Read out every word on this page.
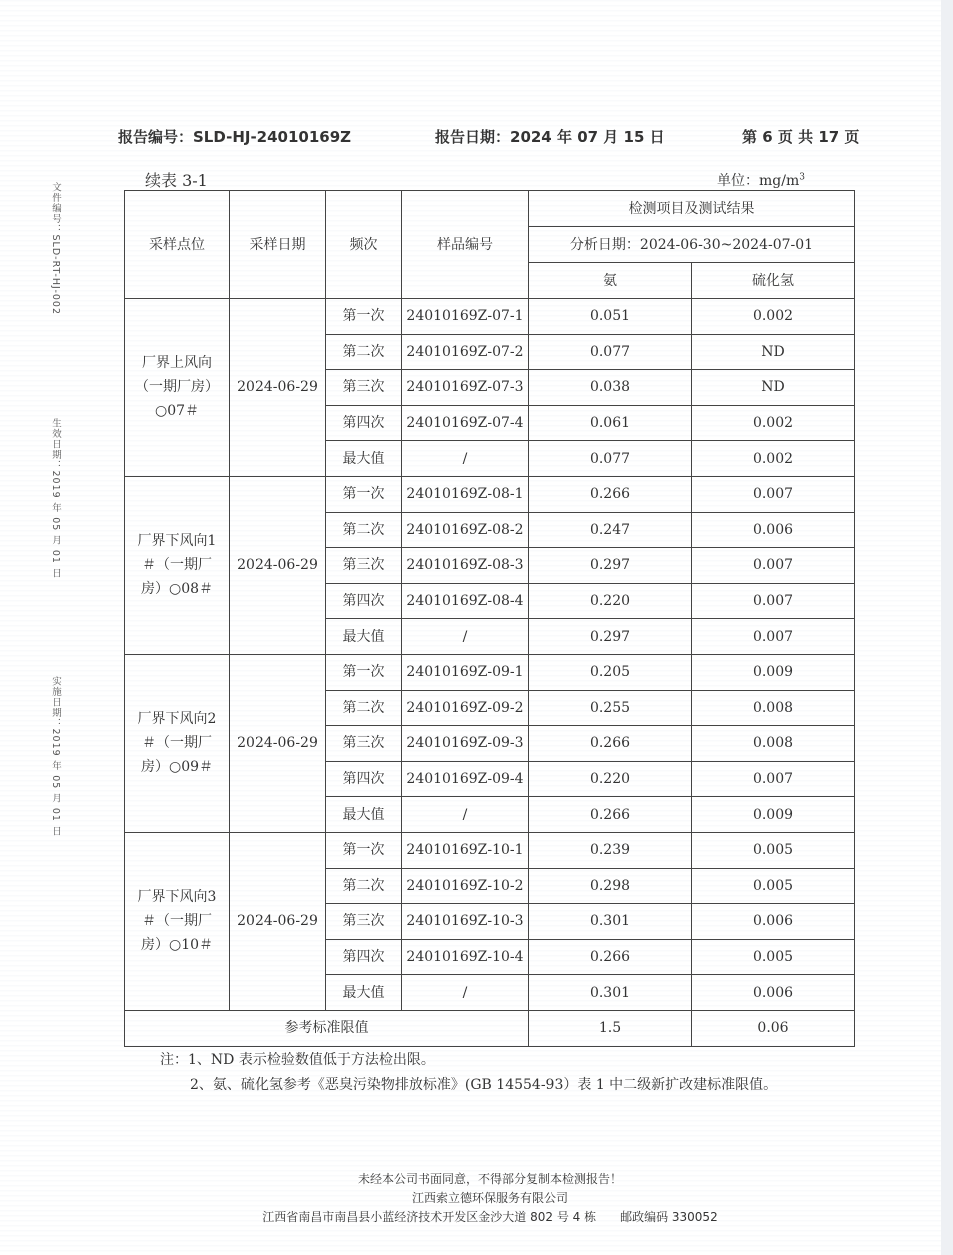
报告编号：SLD-HJ-24010169Z	报告日期：2024 年 07 月 15 日	第 6 页 共 17 页
文件编号：SLD-RT-HJ-002
生效日期：2019 年 05 月 01 日
实施日期：2019 年 05 月 01 日
续表 3-1	单位：$mg/m^3$
采样点位	采样日期	频次	样品编号	检测项目及测试结果	
				分析日期：2024-06-30~2024-07-01	
				氨	硫化氢
厂界上风向（一期厂房）○07＃	2024-06-29	第一次	24010169Z-07-1	0.051	0.002
		第二次	24010169Z-07-2	0.077	ND
		第三次	24010169Z-07-3	0.038	ND
		第四次	24010169Z-07-4	0.061	0.002
		最大值	/	0.077	0.002
厂界下风向1＃（一期厂房）○08＃	2024-06-29	第一次	24010169Z-08-1	0.266	0.007
		第二次	24010169Z-08-2	0.247	0.006
		第三次	24010169Z-08-3	0.297	0.007
		第四次	24010169Z-08-4	0.220	0.007
		最大值	/	0.297	0.007
厂界下风向2＃（一期厂房）○09＃	2024-06-29	第一次	24010169Z-09-1	0.205	0.009
		第二次	24010169Z-09-2	0.255	0.008
		第三次	24010169Z-09-3	0.266	0.008
		第四次	24010169Z-09-4	0.220	0.007
		最大值	/	0.266	0.009
厂界下风向3＃（一期厂房）○10＃	2024-06-29	第一次	24010169Z-10-1	0.239	0.005
		第二次	24010169Z-10-2	0.298	0.005
		第三次	24010169Z-10-3	0.301	0.006
		第四次	24010169Z-10-4	0.266	0.005
		最大值	/	0.301	0.006
参考标准限值				1.5	0.06
注：1、ND 表示检验数值低于方法检出限。
2、氨、硫化氢参考《恶臭污染物排放标准》(GB 14554-93）表 1 中二级新扩改建标准限值。
未经本公司书面同意，不得部分复制本检测报告！
江西索立德环保服务有限公司
江西省南昌市南昌县小蓝经济技术开发区金沙大道 802 号 4 栋　　邮政编码 330052
